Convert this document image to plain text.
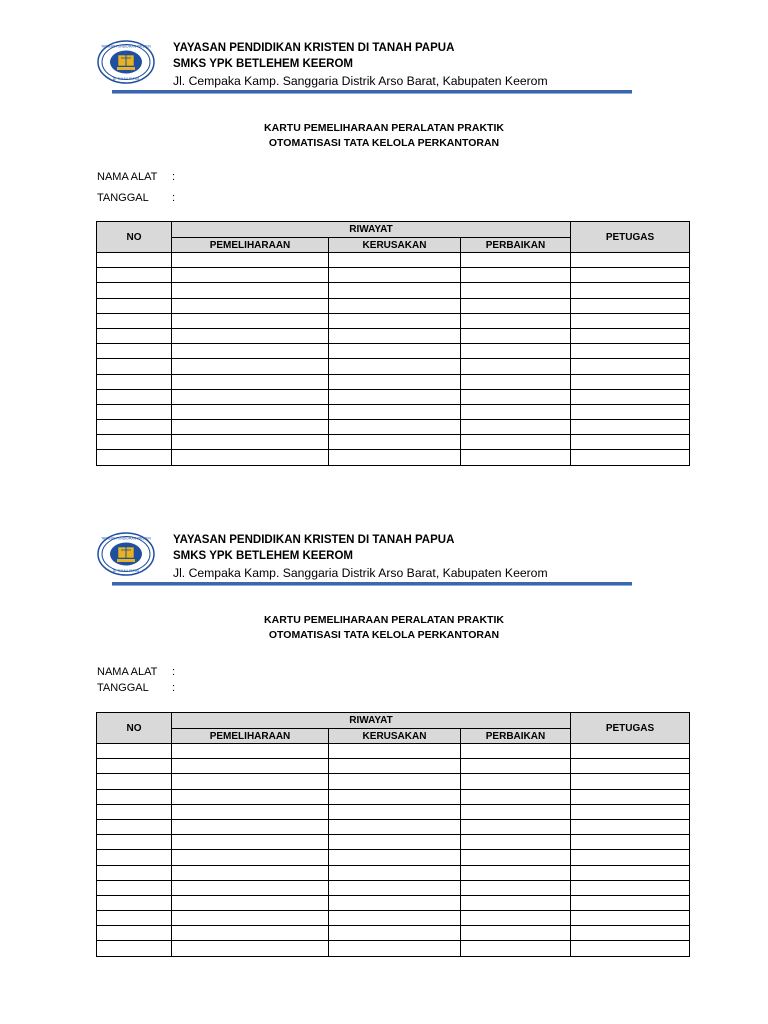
YAYASAN PENDIDIKAN KRISTEN
DI TANAH PAPUA
YAYASAN PENDIDIKAN KRISTEN DI TANAH PAPUA
SMKS YPK BETLEHEM KEEROM
Jl. Cempaka Kamp. Sanggaria Distrik Arso Barat, Kabupaten Keerom
KARTU PEMELIHARAAN PERALATAN PRAKTIK
OTOMATISASI TATA KELOLA PERKANTORAN
NAMA ALAT :
TANGGAL :
NO	RIWAYAT			PETUGAS
	PEMELIHARAAN	KERUSAKAN	PERBAIKAN	

YAYASAN PENDIDIKAN KRISTEN
DI TANAH PAPUA
YAYASAN PENDIDIKAN KRISTEN DI TANAH PAPUA
SMKS YPK BETLEHEM KEEROM
Jl. Cempaka Kamp. Sanggaria Distrik Arso Barat, Kabupaten Keerom
KARTU PEMELIHARAAN PERALATAN PRAKTIK
OTOMATISASI TATA KELOLA PERKANTORAN
NAMA ALAT :
TANGGAL :
NO	RIWAYAT			PETUGAS
	PEMELIHARAAN	KERUSAKAN	PERBAIKAN	
